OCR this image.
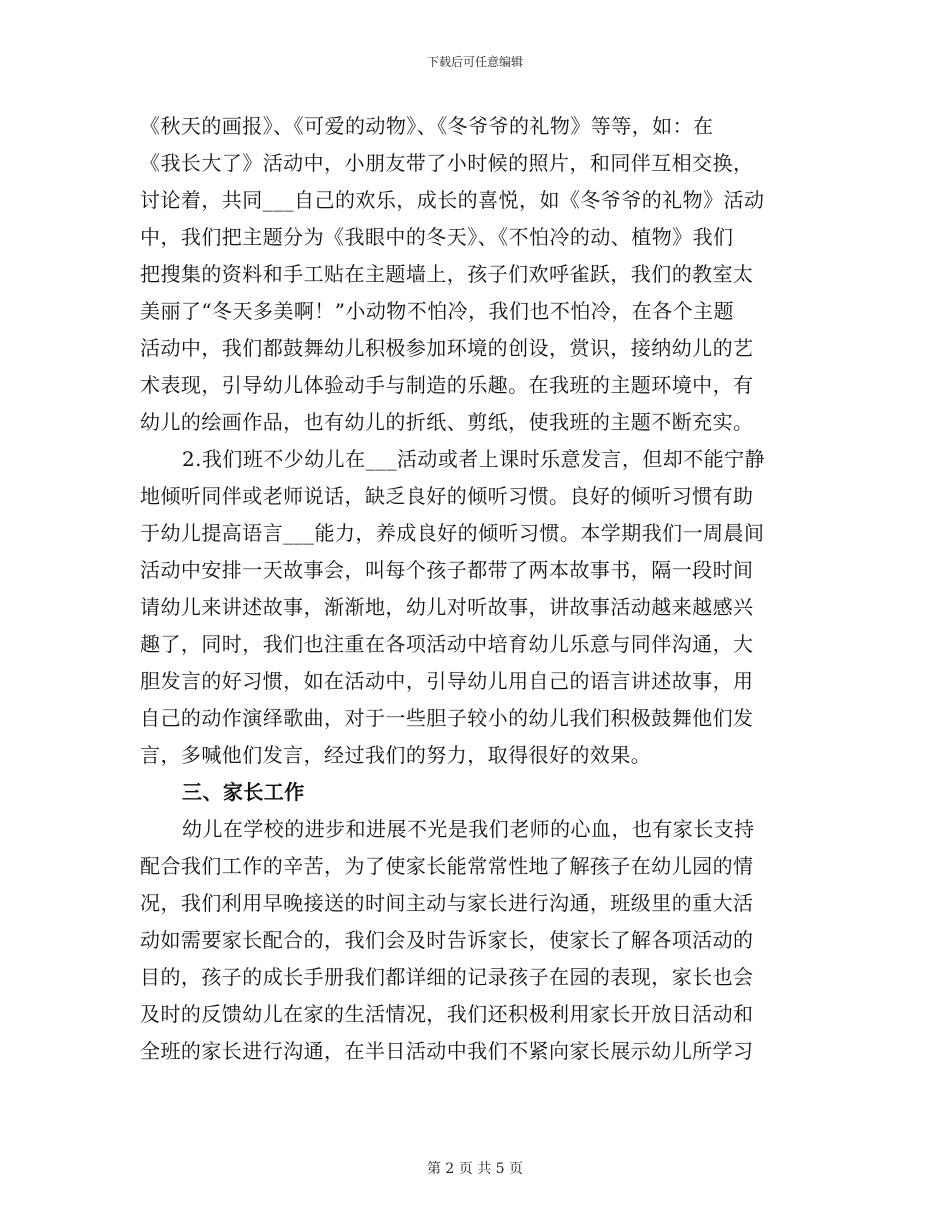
下载后可任意编辑
《秋天的画报》、《可爱的动物》、《冬爷爷的礼物》等等，如：在
《我长大了》活动中，小朋友带了小时候的照片，和同伴互相交换，
讨论着，共同___自己的欢乐，成长的喜悦，如《冬爷爷的礼物》活动
中，我们把主题分为《我眼中的冬天》、《不怕冷的动、植物》我们
把搜集的资料和手工贴在主题墙上，孩子们欢呼雀跃，我们的教室太
美丽了“冬天多美啊！”小动物不怕冷，我们也不怕冷，在各个主题
活动中，我们都鼓舞幼儿积极参加环境的创设，赏识，接纳幼儿的艺
术表现，引导幼儿体验动手与制造的乐趣。在我班的主题环境中，有
幼儿的绘画作品，也有幼儿的折纸、剪纸，使我班的主题不断充实。
2.我们班不少幼儿在___活动或者上课时乐意发言，但却不能宁静
地倾听同伴或老师说话，缺乏良好的倾听习惯。良好的倾听习惯有助
于幼儿提高语言___能力，养成良好的倾听习惯。本学期我们一周晨间
活动中安排一天故事会，叫每个孩子都带了两本故事书，隔一段时间
请幼儿来讲述故事，渐渐地，幼儿对听故事，讲故事活动越来越感兴
趣了，同时，我们也注重在各项活动中培育幼儿乐意与同伴沟通，大
胆发言的好习惯，如在活动中，引导幼儿用自己的语言讲述故事，用
自己的动作演绎歌曲，对于一些胆子较小的幼儿我们积极鼓舞他们发
言，多喊他们发言，经过我们的努力，取得很好的效果。
三、家长工作
幼儿在学校的进步和进展不光是我们老师的心血，也有家长支持
配合我们工作的辛苦，为了使家长能常常性地了解孩子在幼儿园的情
况，我们利用早晚接送的时间主动与家长进行沟通，班级里的重大活
动如需要家长配合的，我们会及时告诉家长，使家长了解各项活动的
目的，孩子的成长手册我们都详细的记录孩子在园的表现，家长也会
及时的反馈幼儿在家的生活情况，我们还积极利用家长开放日活动和
全班的家长进行沟通，在半日活动中我们不紧向家长展示幼儿所学习
第 2 页 共 5 页
